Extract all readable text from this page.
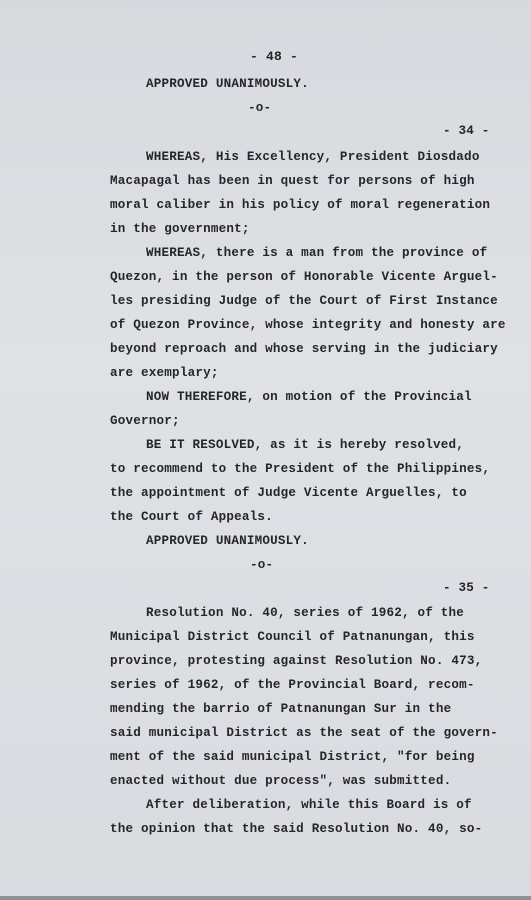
- 48 -
APPROVED UNANIMOUSLY.
-o-
- 34 -
WHEREAS, His Excellency, President Diosdado
Macapagal has been in quest for persons of high
moral caliber in his policy of moral regeneration
in the government;
WHEREAS, there is a man from the province of
Quezon, in the person of Honorable Vicente Arguel-
les presiding Judge of the Court of First Instance
of Quezon Province, whose integrity and honesty are
beyond reproach and whose serving in the judiciary
are exemplary;
NOW THEREFORE, on motion of the Provincial
Governor;
BE IT RESOLVED, as it is hereby resolved,
to recommend to the President of the Philippines,
the appointment of Judge Vicente Arguelles, to
the Court of Appeals.
APPROVED UNANIMOUSLY.
-o-
- 35 -
Resolution No. 40, series of 1962, of the
Municipal District Council of Patnanungan, this
province, protesting against Resolution No. 473,
series of 1962, of the Provincial Board, recom-
mending the barrio of Patnanungan Sur in the
said municipal District as the seat of the govern-
ment of the said municipal District, "for being
enacted without due process", was submitted.
After deliberation, while this Board is of
the opinion that the said Resolution No. 40, so-
